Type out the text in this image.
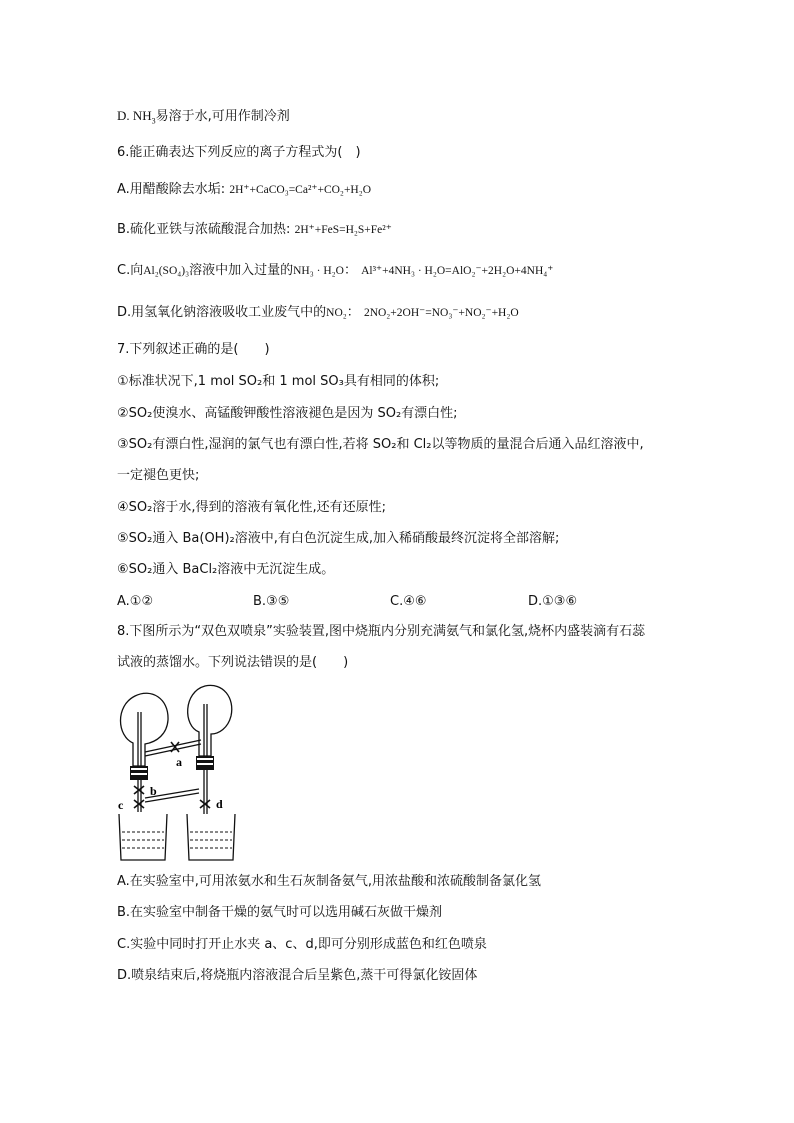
D. $NH_3$易溶于水,可用作制冷剂
6.能正确表达下列反应的离子方程式为(　)
A.用醋酸除去水垢: 2H⁺+CaCO₃=Ca²⁺+CO₂+H₂O
B.硫化亚铁与浓硫酸混合加热: 2H⁺+FeS=H₂S+Fe²⁺
C.向Al₂(SO₄)₃溶液中加入过量的NH₃ · H₂O： Al³⁺+4NH₃ · H₂O=AlO₂⁻+2H₂O+4NH₄⁺
D.用氢氧化钠溶液吸收工业废气中的NO₂： 2NO₂+2OH⁻=NO₃⁻+NO₂⁻+H₂O
7.下列叙述正确的是(　　)
①标准状况下,1 mol SO₂和 1 mol SO₃具有相同的体积;
②SO₂使溴水、高锰酸钾酸性溶液褪色是因为 SO₂有漂白性;
③SO₂有漂白性,湿润的氯气也有漂白性,若将 SO₂和 Cl₂以等物质的量混合后通入品红溶液中,
一定褪色更快;
④SO₂溶于水,得到的溶液有氧化性,还有还原性;
⑤SO₂通入 Ba(OH)₂溶液中,有白色沉淀生成,加入稀硝酸最终沉淀将全部溶解;
⑥SO₂通入 BaCl₂溶液中无沉淀生成。
A.①②	B.③⑤	C.④⑥	D.①③⑥
8.下图所示为“双色双喷泉”实验装置,图中烧瓶内分别充满氨气和氯化氢,烧杯内盛装滴有石蕊
试液的蒸馏水。下列说法错误的是(　　)
a
b
c	d
A.在实验室中,可用浓氨水和生石灰制备氨气,用浓盐酸和浓硫酸制备氯化氢
B.在实验室中制备干燥的氨气时可以选用碱石灰做干燥剂
C.实验中同时打开止水夹 a、c、d,即可分别形成蓝色和红色喷泉
D.喷泉结束后,将烧瓶内溶液混合后呈紫色,蒸干可得氯化铵固体
